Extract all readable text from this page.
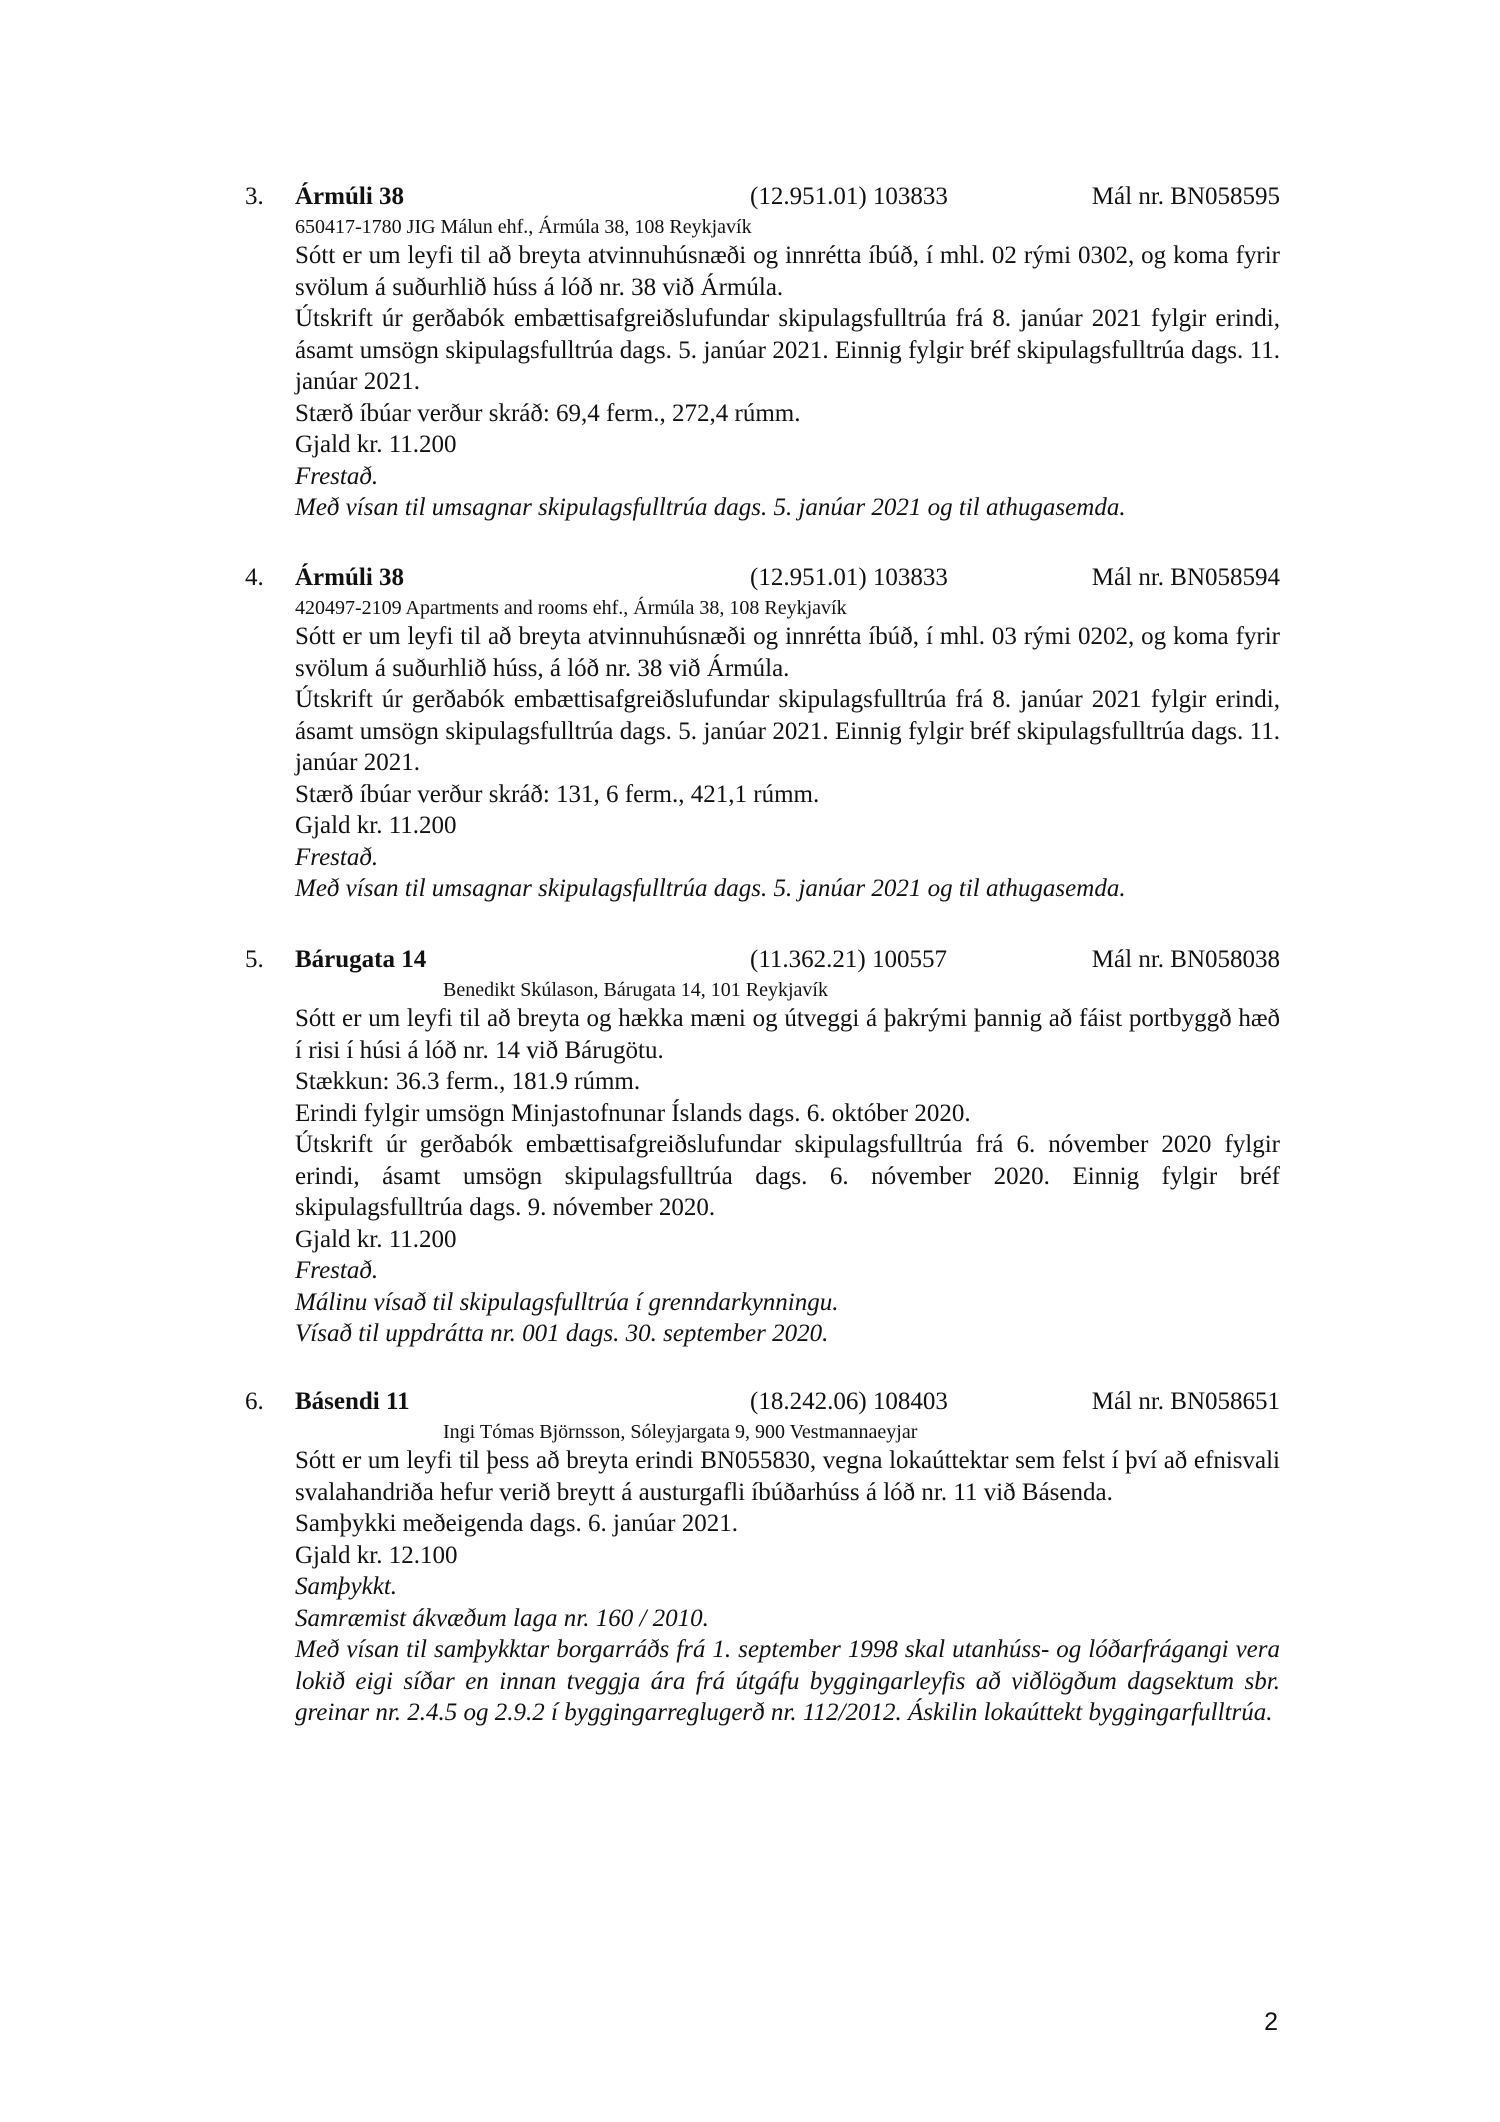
3. Ármúli 38	(12.951.01) 103833	Mál nr. BN058595
650417-1780 JIG Málun ehf., Ármúla 38, 108 Reykjavík
Sótt er um leyfi til að breyta atvinnuhúsnæði og innrétta íbúð, í mhl. 02 rými 0302, og koma fyrir svölum á suðurhlið húss á lóð nr. 38 við Ármúla.
Útskrift úr gerðabók embættisafgreiðslufundar skipulagsfulltrúa frá 8. janúar 2021 fylgir erindi, ásamt umsögn skipulagsfulltrúa dags. 5. janúar 2021. Einnig fylgir bréf skipulagsfulltrúa dags. 11. janúar 2021.
Stærð íbúar verður skráð: 69,4 ferm., 272,4 rúmm.
Gjald kr. 11.200
Frestað.
Með vísan til umsagnar skipulagsfulltrúa dags. 5. janúar 2021 og til athugasemda.
4. Ármúli 38	(12.951.01) 103833	Mál nr. BN058594
420497-2109 Apartments and rooms ehf., Ármúla 38, 108 Reykjavík
Sótt er um leyfi til að breyta atvinnuhúsnæði og innrétta íbúð, í mhl. 03 rými 0202, og koma fyrir svölum á suðurhlið húss, á lóð nr. 38 við Ármúla.
Útskrift úr gerðabók embættisafgreiðslufundar skipulagsfulltrúa frá 8. janúar 2021 fylgir erindi, ásamt umsögn skipulagsfulltrúa dags. 5. janúar 2021. Einnig fylgir bréf skipulagsfulltrúa dags. 11. janúar 2021.
Stærð íbúar verður skráð: 131, 6 ferm., 421,1 rúmm.
Gjald kr. 11.200
Frestað.
Með vísan til umsagnar skipulagsfulltrúa dags. 5. janúar 2021 og til athugasemda.
5. Bárugata 14	(11.362.21) 100557	Mál nr. BN058038
Benedikt Skúlason, Bárugata 14, 101 Reykjavík
Sótt er um leyfi til að breyta og hækka mæni og útveggi á þakrými þannig að fáist portbyggð hæð í risi í húsi á lóð nr. 14 við Bárugötu.
Stækkun: 36.3 ferm., 181.9 rúmm.
Erindi fylgir umsögn Minjastofnunar Íslands dags. 6. október 2020.
Útskrift úr gerðabók embættisafgreiðslufundar skipulagsfulltrúa frá 6. nóvember 2020 fylgir erindi, ásamt umsögn skipulagsfulltrúa dags. 6. nóvember 2020. Einnig fylgir bréf skipulagsfulltrúa dags. 9. nóvember 2020.
Gjald kr. 11.200
Frestað.
Málinu vísað til skipulagsfulltrúa í grenndarkynningu.
Vísað til uppdrátta nr. 001 dags. 30. september 2020.
6. Básendi 11	(18.242.06) 108403	Mál nr. BN058651
Ingi Tómas Björnsson, Sóleyjargata 9, 900 Vestmannaeyjar
Sótt er um leyfi til þess að breyta erindi BN055830, vegna lokaúttektar sem felst í því að efnisvali svalahandriða hefur verið breytt á austurgafli íbúðarhúss á lóð nr. 11 við Básenda.
Samþykki meðeigenda dags. 6. janúar 2021.
Gjald kr. 12.100
Samþykkt.
Samræmist ákvæðum laga nr. 160 / 2010.
Með vísan til samþykktar borgarráðs frá 1. september 1998 skal utanhúss- og lóðarfrágangi vera lokið eigi síðar en innan tveggja ára frá útgáfu byggingarleyfis að viðlögðum dagsektum sbr. greinar nr. 2.4.5 og 2.9.2 í byggingarreglugerð nr. 112/2012. Áskilin lokaúttekt byggingarfulltrúa.
2
